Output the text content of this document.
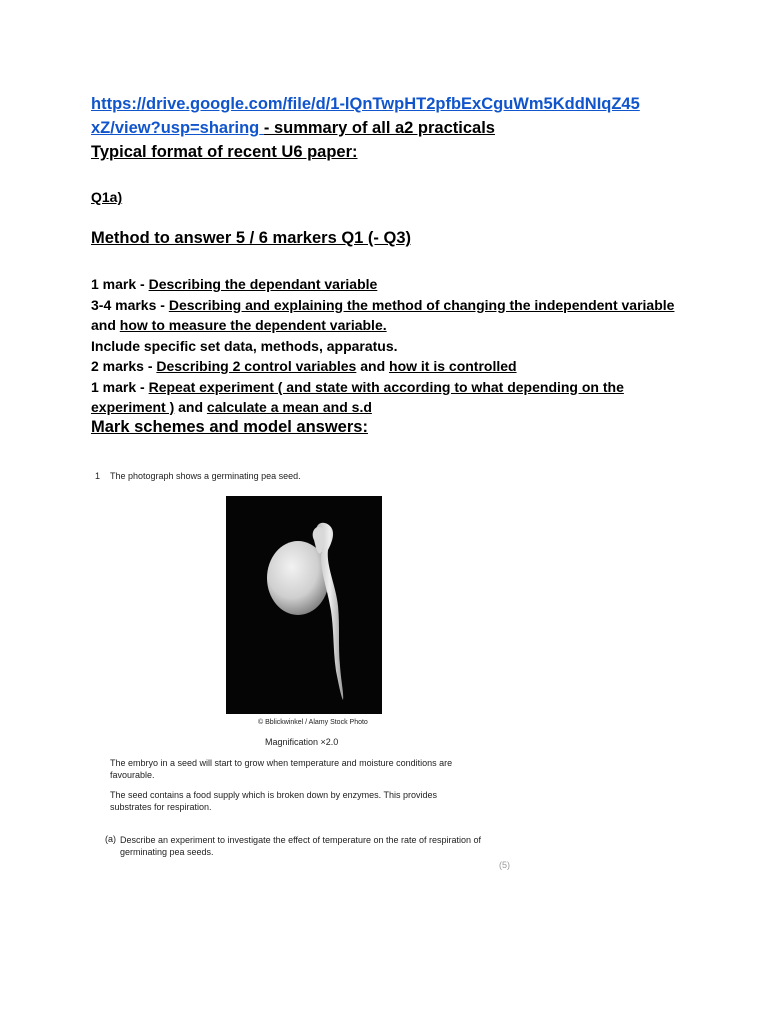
https://drive.google.com/file/d/1-lQnTwpHT2pfbExCguWm5KddNIqZ45
xZ/view?usp=sharing - summary of all a2 practicals
Typical format of recent U6 paper:
Q1a)
Method to answer 5 / 6 markers Q1 (- Q3)

1 mark - Describing the dependant variable

3-4 marks - Describing and explaining the method of changing the independent variable and how to measure the dependent variable.

Include specific set data, methods, apparatus.

2 marks - Describing 2 control variables and how it is controlled

1 mark - Repeat experiment ( and state with according to what depending on the experiment ) and calculate a mean and s.d

Mark schemes and model answers:
1 The photograph shows a germinating pea seed.
© Bblickwinkel / Alamy Stock Photo
Magnification ×2.0
The embryo in a seed will start to grow when temperature and moisture conditions are favourable.
The seed contains a food supply which is broken down by enzymes. This provides substrates for respiration.
(a) Describe an experiment to investigate the effect of temperature on the rate of respiration of germinating pea seeds.
(5)
